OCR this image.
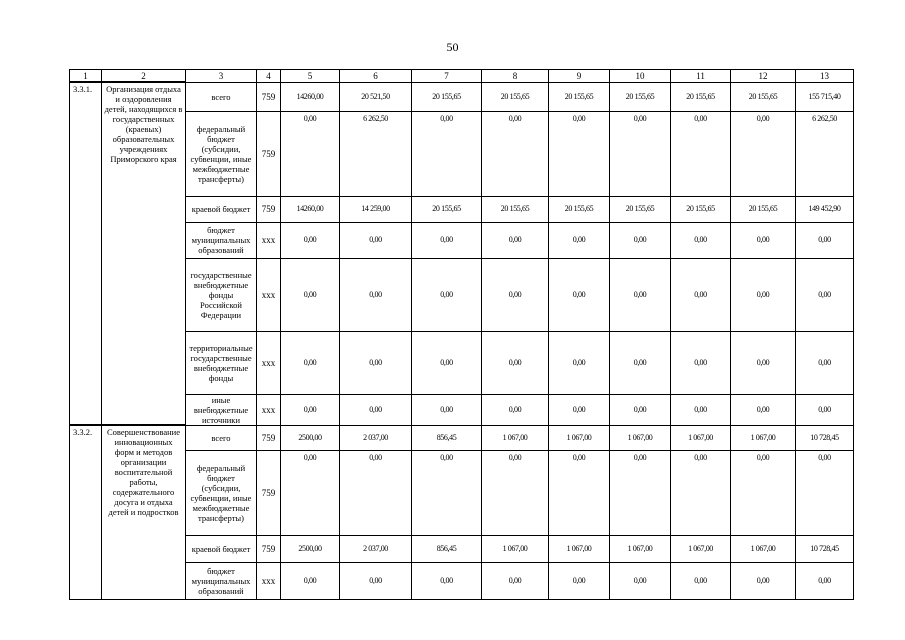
50
1	2	3	4	5	6	7	8	9	10	11	12	13
3.3.1.	Организация отдыха и оздоровления детей, находящихся в государственных (краевых) образовательных учреждениях Приморского края	всего	759	14260,00	20 521,50	20 155,65	20 155,65	20 155,65	20 155,65	20 155,65	20 155,65	155 715,40
		федеральный бюджет (субсидии, субвенции, иные межбюджетные трансферты)	759	0,00	6 262,50	0,00	0,00	0,00	0,00	0,00	0,00	6 262,50
		краевой бюджет	759	14260,00	14 259,00	20 155,65	20 155,65	20 155,65	20 155,65	20 155,65	20 155,65	149 452,90
		бюджет муниципальных образований	ххх	0,00	0,00	0,00	0,00	0,00	0,00	0,00	0,00	0,00
		государственные внебюджетные фонды Российской Федерации	ххх	0,00	0,00	0,00	0,00	0,00	0,00	0,00	0,00	0,00
		территориальные государственные внебюджетные фонды	ххх	0,00	0,00	0,00	0,00	0,00	0,00	0,00	0,00	0,00
		иные внебюджетные источники	ххх	0,00	0,00	0,00	0,00	0,00	0,00	0,00	0,00	0,00
3.3.2.	Совершенствование инновационных форм и методов организации воспитательной работы, содержательного досуга и отдыха детей и подростков	всего	759	2500,00	2 037,00	856,45	1 067,00	1 067,00	1 067,00	1 067,00	1 067,00	10 728,45
		федеральный бюджет (субсидии, субвенции, иные межбюджетные трансферты)	759	0,00	0,00	0,00	0,00	0,00	0,00	0,00	0,00	0,00
		краевой бюджет	759	2500,00	2 037,00	856,45	1 067,00	1 067,00	1 067,00	1 067,00	1 067,00	10 728,45
		бюджет муниципальных образований	ххх	0,00	0,00	0,00	0,00	0,00	0,00	0,00	0,00	0,00
